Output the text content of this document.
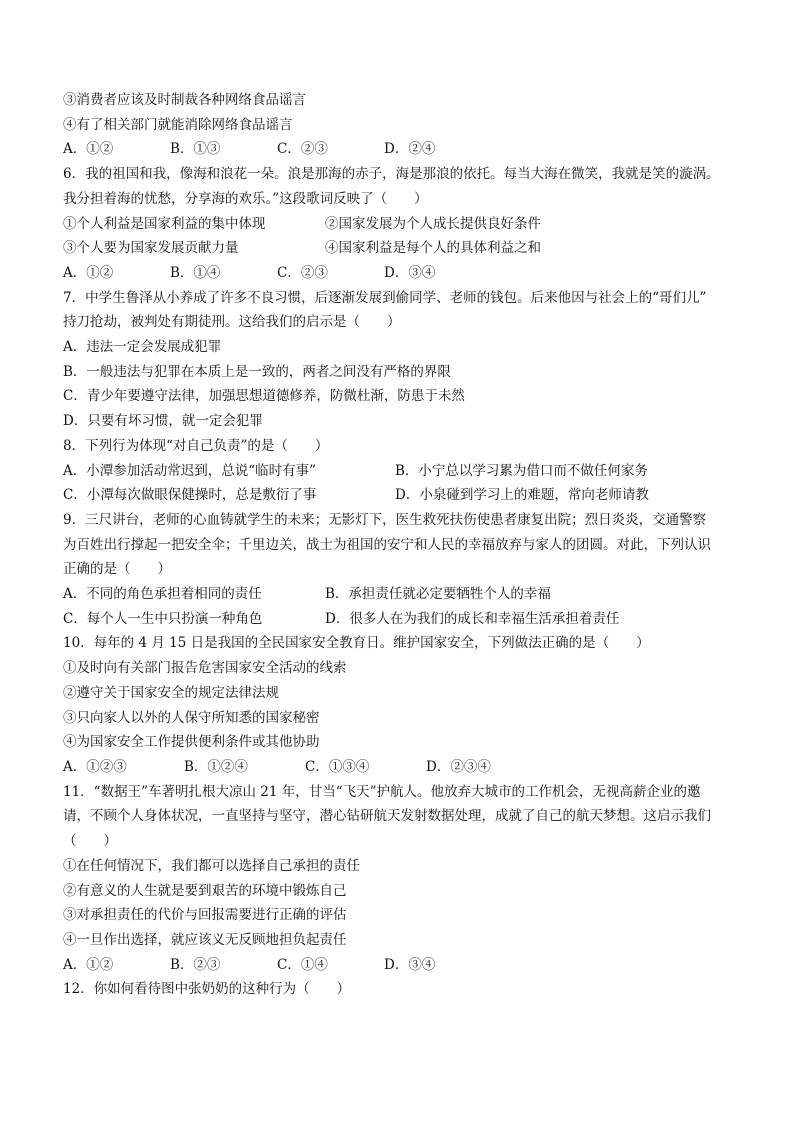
③消费者应该及时制裁各种网络食品谣言
④有了相关部门就能消除网络食品谣言
A．①②	B．①③	C．②③	D．②④
6．我的祖国和我，像海和浪花一朵。浪是那海的赤子，海是那浪的依托。每当大海在微笑，我就是笑的漩涡。
我分担着海的忧愁，分享海的欢乐。”这段歌词反映了（　　）
①个人利益是国家利益的集中体现	②国家发展为个人成长提供良好条件
③个人要为国家发展贡献力量	④国家利益是每个人的具体利益之和
A．①②	B．①④	C．②③	D．③④
7．中学生鲁泽从小养成了许多不良习惯，后逐渐发展到偷同学、老师的钱包。后来他因与社会上的“哥们儿”
持刀抢劫，被判处有期徒刑。这给我们的启示是（　　）
A．违法一定会发展成犯罪
B．一般违法与犯罪在本质上是一致的，两者之间没有严格的界限
C．青少年要遵守法律，加强思想道德修养，防微杜渐，防患于未然
D．只要有坏习惯，就一定会犯罪
8．下列行为体现“对自己负责”的是（　　）
A．小潭参加活动常迟到，总说“临时有事”	B．小宁总以学习累为借口而不做任何家务
C．小潭每次做眼保健操时，总是敷衍了事	D．小泉碰到学习上的难题，常向老师请教
9．三尺讲台，老师的心血铸就学生的未来；无影灯下，医生救死扶伤使患者康复出院；烈日炎炎，交通警察
为百姓出行撑起一把安全伞；千里边关，战士为祖国的安宁和人民的幸福放弃与家人的团圆。对此，下列认识
正确的是（　　）
A．不同的角色承担着相同的责任	B．承担责任就必定要牺牲个人的幸福
C．每个人一生中只扮演一种角色	D．很多人在为我们的成长和幸福生活承担着责任
10．每年的 4 月 15 日是我国的全民国家安全教育日。维护国家安全，下列做法正确的是（　　）
①及时向有关部门报告危害国家安全活动的线索
②遵守关于国家安全的规定法律法规
③只向家人以外的人保守所知悉的国家秘密
④为国家安全工作提供便利条件或其他协助
A．①②③	B．①②④	C．①③④	D．②③④
11．“数据王”车著明扎根大凉山 21 年，甘当“飞天”护航人。他放弃大城市的工作机会，无视高薪企业的邀
请，不顾个人身体状况，一直坚持与坚守，潜心钻研航天发射数据处理，成就了自己的航天梦想。这启示我们
（　　）
①在任何情况下，我们都可以选择自己承担的责任
②有意义的人生就是要到艰苦的环境中锻炼自己
③对承担责任的代价与回报需要进行正确的评估
④一旦作出选择，就应该义无反顾地担负起责任
A．①②	B．②③	C．①④	D．③④
12．你如何看待图中张奶奶的这种行为（　　）
